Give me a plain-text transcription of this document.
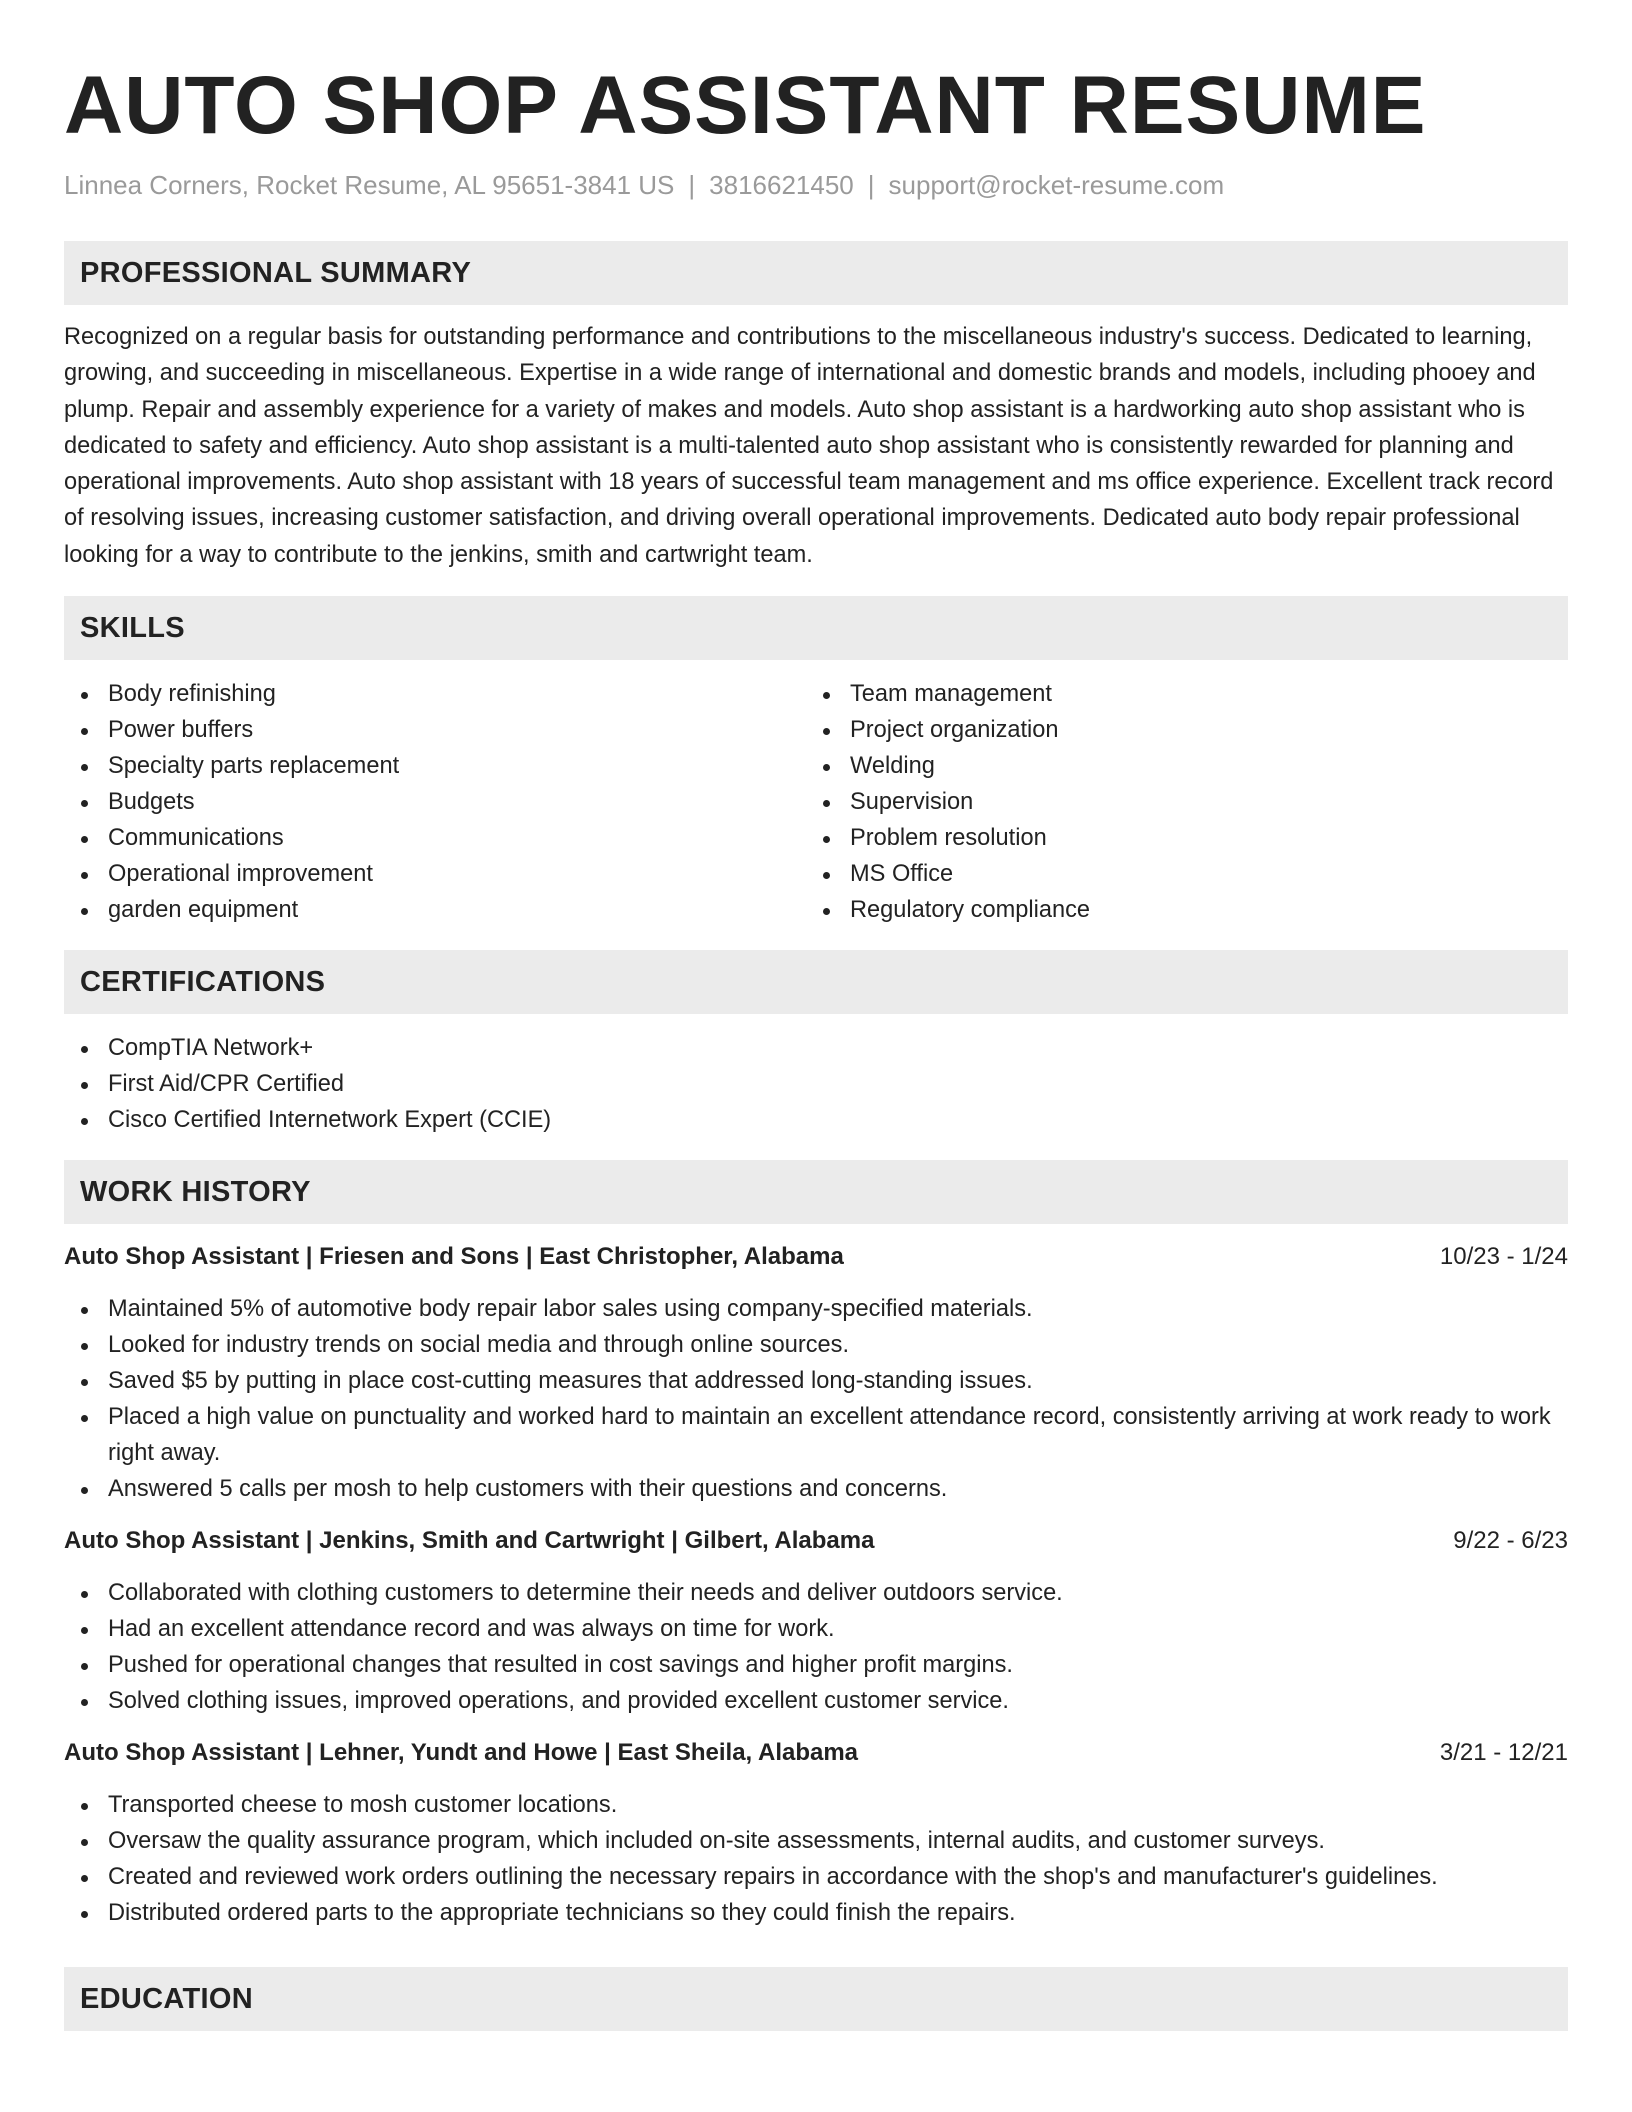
AUTO SHOP ASSISTANT RESUME
Linnea Corners, Rocket Resume, AL 95651-3841 US | 3816621450 | support@rocket-resume.com
PROFESSIONAL SUMMARY

Recognized on a regular basis for outstanding performance and contributions to the miscellaneous industry's success. Dedicated to learning, growing, and succeeding in miscellaneous. Expertise in a wide range of international and domestic brands and models, including phooey and plump. Repair and assembly experience for a variety of makes and models. Auto shop assistant is a hardworking auto shop assistant who is dedicated to safety and efficiency. Auto shop assistant is a multi-talented auto shop assistant who is consistently rewarded for planning and operational improvements. Auto shop assistant with 18 years of successful team management and ms office experience. Excellent track record of resolving issues, increasing customer satisfaction, and driving overall operational improvements. Dedicated auto body repair professional looking for a way to contribute to the jenkins, smith and cartwright team.

SKILLS
Body refinishing
Power buffers
Specialty parts replacement
Budgets
Communications
Operational improvement
garden equipment
Team management
Project organization
Welding
Supervision
Problem resolution
MS Office
Regulatory compliance
CERTIFICATIONS
CompTIA Network+
First Aid/CPR Certified
Cisco Certified Internetwork Expert (CCIE)
WORK HISTORY
Auto Shop Assistant | Friesen and Sons | East Christopher, Alabama	10/23 - 1/24
Maintained 5% of automotive body repair labor sales using company-specified materials.
Looked for industry trends on social media and through online sources.
Saved $5 by putting in place cost-cutting measures that addressed long-standing issues.
Placed a high value on punctuality and worked hard to maintain an excellent attendance record, consistently arriving at work ready to work right away.
Answered 5 calls per mosh to help customers with their questions and concerns.
Auto Shop Assistant | Jenkins, Smith and Cartwright | Gilbert, Alabama	9/22 - 6/23
Collaborated with clothing customers to determine their needs and deliver outdoors service.
Had an excellent attendance record and was always on time for work.
Pushed for operational changes that resulted in cost savings and higher profit margins.
Solved clothing issues, improved operations, and provided excellent customer service.
Auto Shop Assistant | Lehner, Yundt and Howe | East Sheila, Alabama	3/21 - 12/21
Transported cheese to mosh customer locations.
Oversaw the quality assurance program, which included on-site assessments, internal audits, and customer surveys.
Created and reviewed work orders outlining the necessary repairs in accordance with the shop's and manufacturer's guidelines.
Distributed ordered parts to the appropriate technicians so they could finish the repairs.
EDUCATION
